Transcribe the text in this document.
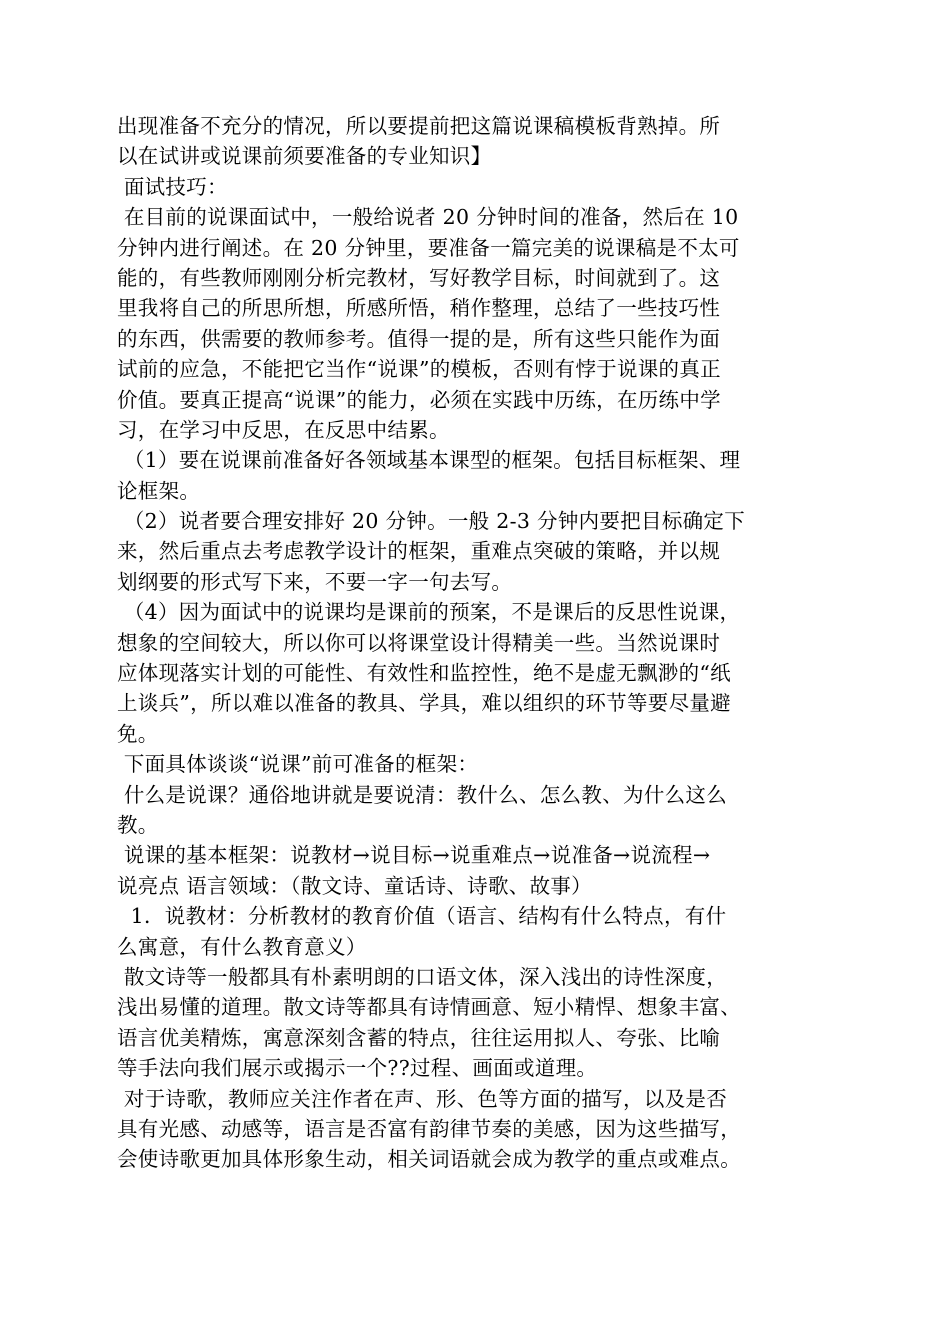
出现准备不充分的情况，所以要提前把这篇说课稿模板背熟掉。所
以在试讲或说课前须要准备的专业知识】
面试技巧：
在目前的说课面试中，一般给说者 20 分钟时间的准备，然后在 10
分钟内进行阐述。在 20 分钟里，要准备一篇完美的说课稿是不太可
能的，有些教师刚刚分析完教材，写好教学目标，时间就到了。这
里我将自己的所思所想，所感所悟，稍作整理，总结了一些技巧性
的东西，供需要的教师参考。值得一提的是，所有这些只能作为面
试前的应急，不能把它当作“说课”的模板，否则有悖于说课的真正
价值。要真正提高“说课”的能力，必须在实践中历练，在历练中学
习，在学习中反思，在反思中结累。
（1）要在说课前准备好各领域基本课型的框架。包括目标框架、理
论框架。
（2）说者要合理安排好 20 分钟。一般 2-3 分钟内要把目标确定下
来，然后重点去考虑教学设计的框架，重难点突破的策略，并以规
划纲要的形式写下来，不要一字一句去写。
（4）因为面试中的说课均是课前的预案，不是课后的反思性说课，
想象的空间较大，所以你可以将课堂设计得精美一些。当然说课时
应体现落实计划的可能性、有效性和监控性，绝不是虚无飘渺的“纸
上谈兵”，所以难以准备的教具、学具，难以组织的环节等要尽量避
免。
下面具体谈谈“说课”前可准备的框架：
什么是说课？通俗地讲就是要说清：教什么、怎么教、为什么这么
教。
说课的基本框架：说教材→说目标→说重难点→说准备→说流程→
说亮点 语言领域：（散文诗、童话诗、诗歌、故事）
1．说教材：分析教材的教育价值（语言、结构有什么特点，有什
么寓意，有什么教育意义）
散文诗等一般都具有朴素明朗的口语文体，深入浅出的诗性深度，
浅出易懂的道理。散文诗等都具有诗情画意、短小精悍、想象丰富、
语言优美精炼，寓意深刻含蓄的特点，往往运用拟人、夸张、比喻
等手法向我们展示或揭示一个??过程、画面或道理。
对于诗歌，教师应关注作者在声、形、色等方面的描写，以及是否
具有光感、动感等，语言是否富有韵律节奏的美感，因为这些描写，
会使诗歌更加具体形象生动，相关词语就会成为教学的重点或难点。
